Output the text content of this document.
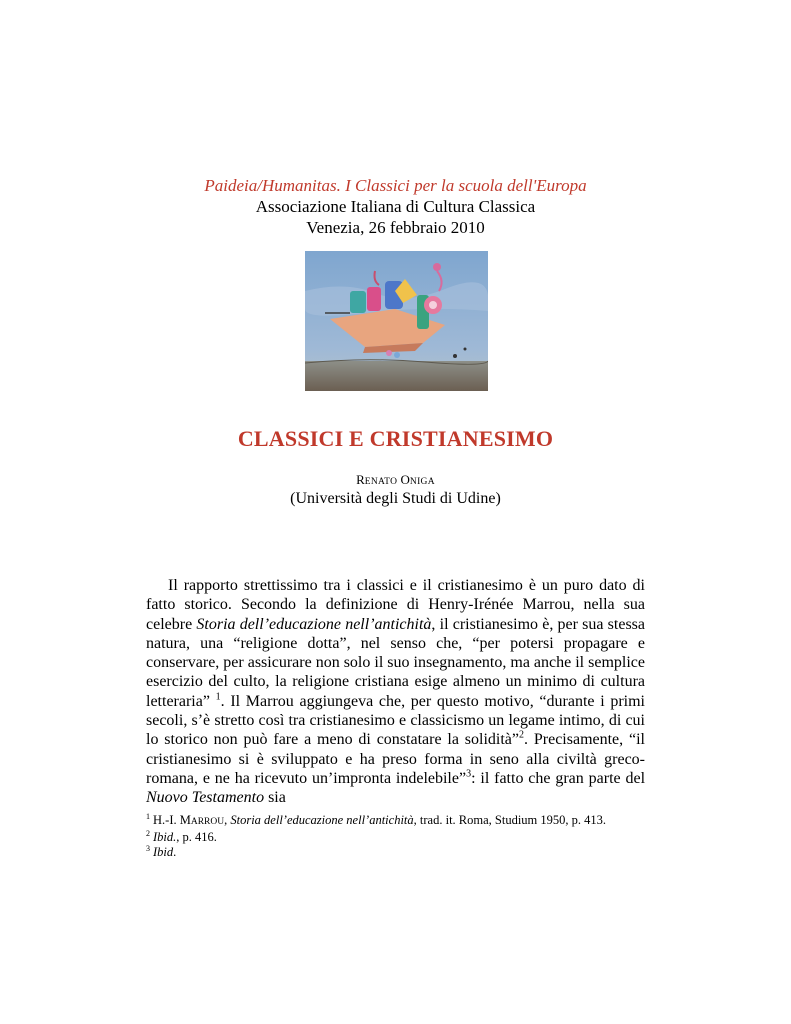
Paideia/Humanitas. I Classici per la scuola dell'Europa

Associazione Italiana di Cultura Classica

Venezia, 26 febbraio 2010

CLASSICI E CRISTIANESIMO

RENATO ONIGA

(Università degli Studi di Udine)

Il rapporto strettissimo tra i classici e il cristianesimo è un puro dato di fatto storico. Secondo la definizione di Henry-Irénée Marrou, nella sua celebre Storia dell’educazione nell’antichità, il cristianesimo è, per sua stessa natura, una “religione dotta”, nel senso che, “per potersi propagare e conservare, per assicurare non solo il suo insegnamento, ma anche il semplice esercizio del culto, la religione cristiana esige almeno un minimo di cultura letteraria” $^1$. Il Marrou aggiungeva che, per questo motivo, “durante i primi secoli, s’è stretto così tra cristianesimo e classicismo un legame intimo, di cui lo storico non può fare a meno di constatare la solidità”$^2$. Precisamente, “il cristianesimo si è sviluppato e ha preso forma in seno alla civiltà greco-romana, e ne ha ricevuto un’impronta indelebile”$^3$: il fatto che gran parte del Nuovo Testamento sia

$^1$ H.-I. MARROU, Storia dell’educazione nell’antichità, trad. it. Roma, Studium 1950, p. 413.

$^2$ Ibid., p. 416.

$^3$ Ibid.
